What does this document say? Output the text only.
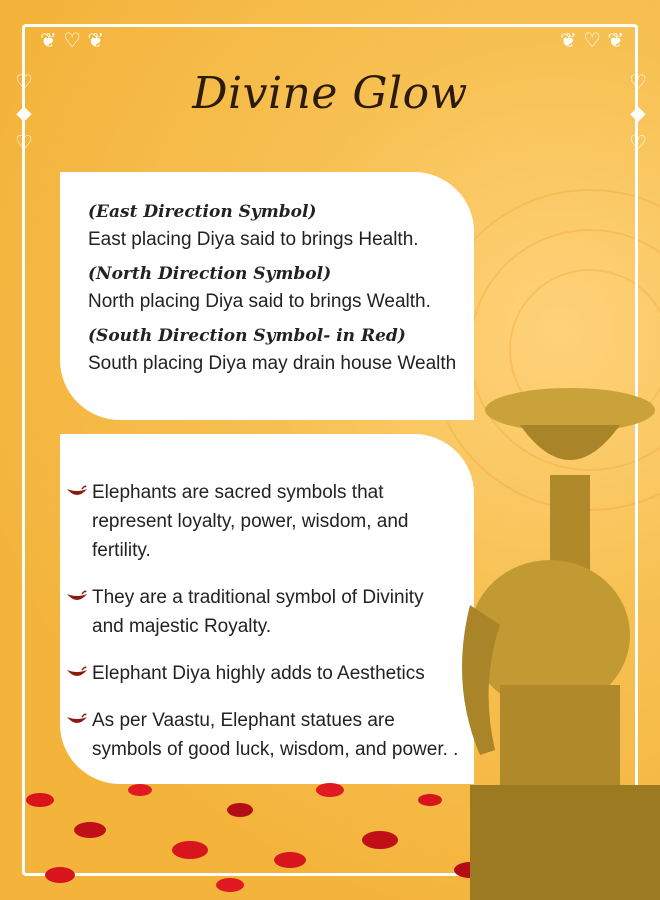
❦ ♡ ❦	❦ ♡ ❦
♡ ◆ ♡	♡ ◆ ♡
Divine Glow
(East Direction Symbol)
East placing Diya said to brings Health.
(North Direction Symbol)
North placing Diya said to brings Wealth.
(South Direction Symbol- in Red)
South placing Diya may drain house Wealth
Elephants are sacred symbols that represent loyalty, power, wisdom, and fertility.
They are a traditional symbol of Divinity and majestic Royalty.
Elephant Diya highly adds to Aesthetics
As per Vaastu, Elephant statues are symbols of good luck, wisdom, and power. .
